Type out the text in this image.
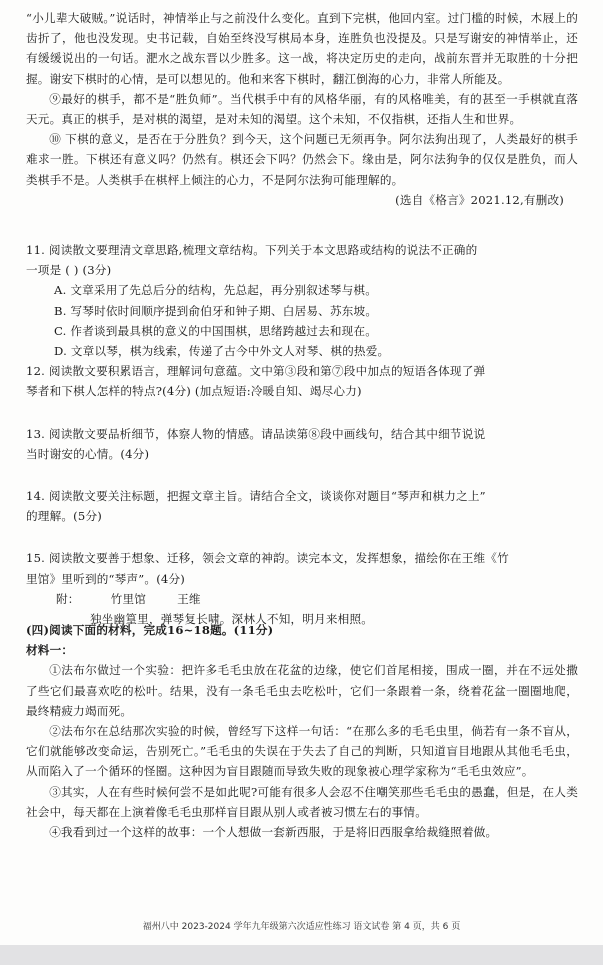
“小儿辈大破贼。”说话时，神情举止与之前没什么变化。直到下完棋，他回内室。过门槛的时候，木屐上的齿折了，他也没发现。史书记载，自始至终没写棋局本身，连胜负也没提及。只是写谢安的神情举止，还有缓缓说出的一句话。淝水之战东晋以少胜多。这一战，将决定历史的走向，战前东晋并无取胜的十分把握。谢安下棋时的心情，是可以想见的。他和来客下棋时，翻江倒海的心力，非常人所能及。

⑨最好的棋手，都不是“胜负师”。当代棋手中有的风格华丽，有的风格唯美，有的甚至一手棋就直落天元。真正的棋手，是对棋的渴望，是对未知的渴望。这个未知，不仅指棋，还指人生和世界。

⑩ 下棋的意义，是否在于分胜负？到今天，这个问题已无须再争。阿尔法狗出现了，人类最好的棋手难求一胜。下棋还有意义吗？仍然有。棋还会下吗？仍然会下。缘由是，阿尔法狗争的仅仅是胜负，而人类棋手不是。人类棋手在棋枰上倾注的心力，不是阿尔法狗可能理解的。

(选自《格言》2021.12,有删改)

11. 阅读散文要理清文章思路,梳理文章结构。下列关于本文思路或结构的说法不正确的

一项是 ( ) (3分)

A. 文章采用了先总后分的结构，先总起，再分别叙述琴与棋。

B. 写琴时依时间顺序提到俞伯牙和钟子期、白居易、苏东坡。

C. 作者谈到最具棋的意义的中国围棋，思绪跨越过去和现在。

D. 文章以琴，棋为线索，传递了古今中外文人对琴、棋的热爱。

12. 阅读散文要积累语言，理解词句意蕴。文中第③段和第⑦段中加点的短语各体现了弹

琴者和下棋人怎样的特点?(4分) (加点短语:冷暖自知、竭尽心力)

13. 阅读散文要品析细节，体察人物的情感。请品读第⑧段中画线句，结合其中细节说说

当时谢安的心情。(4分)

14. 阅读散文要关注标题，把握文章主旨。请结合全文，谈谈你对题目“琴声和棋力之上”

的理解。(5分)

15. 阅读散文要善于想象、迁移，领会文章的神韵。读完本文，发挥想象，描绘你在王维《竹

里馆》里听到的“琴声”。(4分)

附：        竹里馆        王维

独坐幽篁里，弹琴复长啸。深林人不知，明月来相照。

(四)阅读下面的材料，完成16~18题。(11分)

材料一：

①法布尔做过一个实验：把许多毛毛虫放在花盆的边缘，使它们首尾相接，围成一圈，并在不远处撒了些它们最喜欢吃的松叶。结果，没有一条毛毛虫去吃松叶，它们一条跟着一条，绕着花盆一圈圈地爬，最终精疲力竭而死。

②法布尔在总结那次实验的时候，曾经写下这样一句话：“在那么多的毛毛虫里，倘若有一条不盲从，它们就能够改变命运，告别死亡。”毛毛虫的失误在于失去了自己的判断，只知道盲目地跟从其他毛毛虫，从而陷入了一个循环的怪圈。这种因为盲目跟随而导致失败的现象被心理学家称为“毛毛虫效应”。

③其实，人在有些时候何尝不是如此呢?可能有很多人会忍不住嘲笑那些毛毛虫的愚蠢，但是，在人类社会中，每天都在上演着像毛毛虫那样盲目跟从别人或者被习惯左右的事情。

④我看到过一个这样的故事：一个人想做一套新西服，于是将旧西服拿给裁缝照着做。

福州八中 2023-2024 学年九年级第六次适应性练习 语文试卷 第 4 页，共 6 页
